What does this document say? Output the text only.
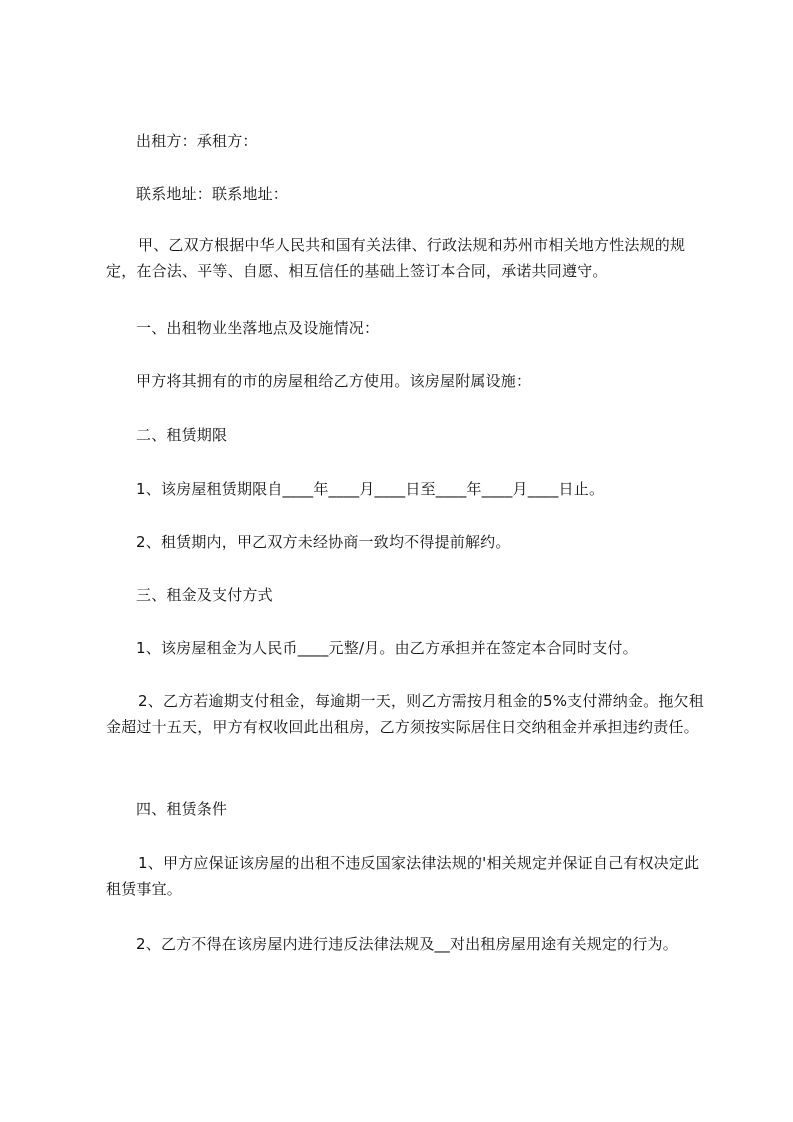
出租方：承租方：

联系地址：联系地址：

甲、乙双方根据中华人民共和国有关法律、行政法规和苏州市相关地方性法规的规定，在合法、平等、自愿、相互信任的基础上签订本合同，承诺共同遵守。

一、出租物业坐落地点及设施情况：

甲方将其拥有的市的房屋租给乙方使用。该房屋附属设施：

二、租赁期限

1、该房屋租赁期限自____年____月____日至____年____月____日止。

2、租赁期内，甲乙双方未经协商一致均不得提前解约。

三、租金及支付方式

1、该房屋租金为人民币____元整/月。由乙方承担并在签定本合同时支付。

2、乙方若逾期支付租金，每逾期一天，则乙方需按月租金的5%支付滞纳金。拖欠租金超过十五天，甲方有权收回此出租房，乙方须按实际居住日交纳租金并承担违约责任。

四、租赁条件

1、甲方应保证该房屋的出租不违反国家法律法规的'相关规定并保证自己有权决定此租赁事宜。

2、乙方不得在该房屋内进行违反法律法规及__对出租房屋用途有关规定的行为。
